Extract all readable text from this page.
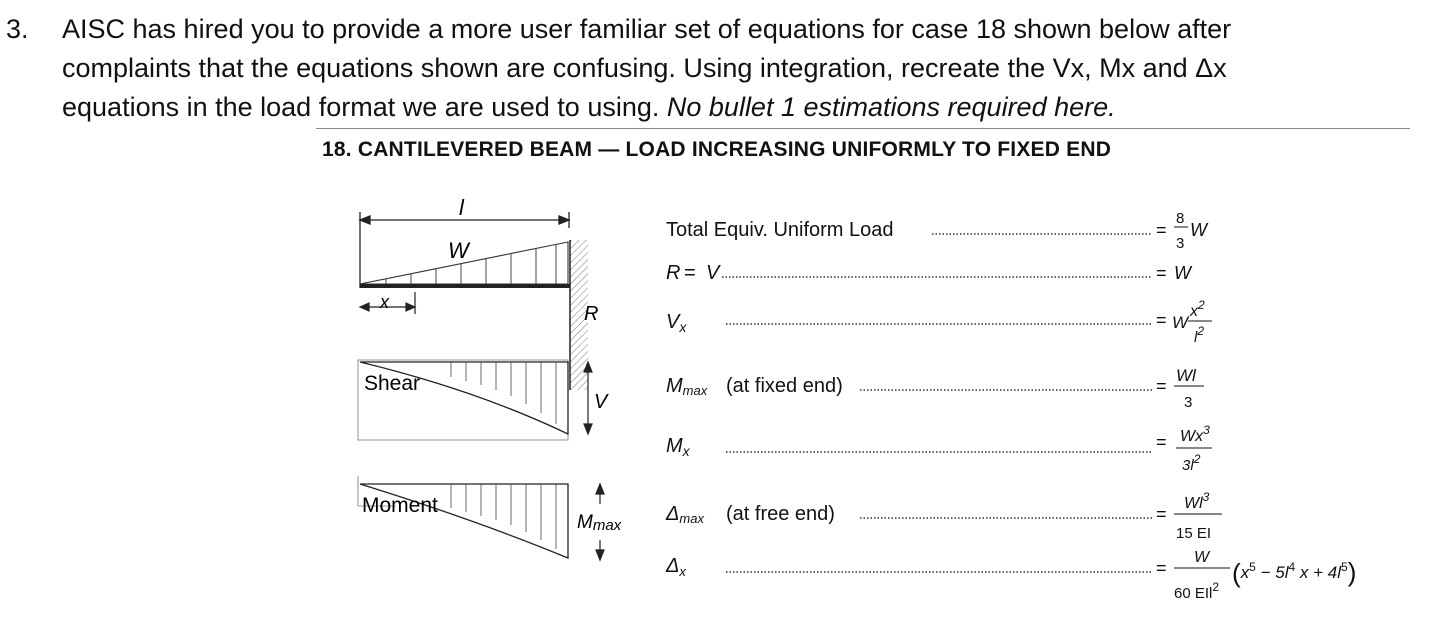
3. AISC has hired you to provide a more user familiar set of equations for case 18 shown below after
complaints that the equations shown are confusing. Using integration, recreate the Vx, Mx and Δx
equations in the load format we are used to using. No bullet 1 estimations required here.
18. CANTILEVERED BEAM — LOAD INCREASING UNIFORMLY TO FIXED END
l
W
R
x
Shear
V
Moment
Mmax
Total Equiv. Uniform Load	=
8
3
W
R = V	= W
$V_x$	= W
$x^2$
$l^2$
Mmax (at fixed end)	=
Wl
3
$M_x$	= $Wx^3$
$3l^2$
Δmax (at free end)	=
$Wl^3$
15 EI
$\Delta_x$	=
W
60 EIl$^2$ ($x^5 - 5l^4$ $x + 4l^5$)
